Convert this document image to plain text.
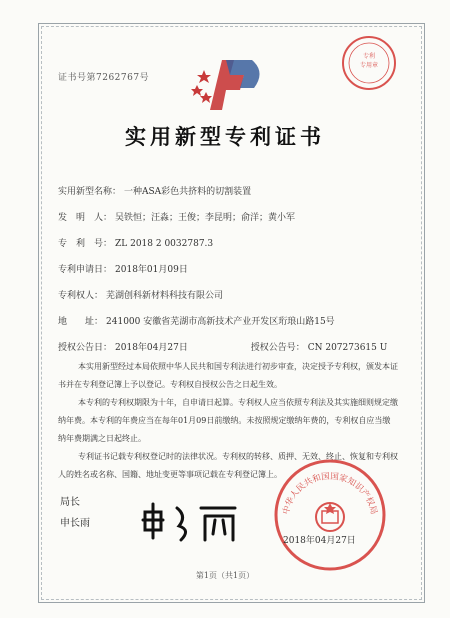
证书号第7262767号
专利
专用章
实用新型专利证书
实用新型名称： 一种ASA彩色共挤料的切割装置
发　明　人： 吴铁恒；汪淼；王俊；李昆明；俞洋；黄小军
专　利　号： ZL 2018 2 0032787.3
专利申请日： 2018年01月09日
专利权人： 芜湖创科新材料科技有限公司
地　　址： 241000 安徽省芜湖市高新技术产业开发区珩琅山路15号
授权公告日： 2018年04月27日	授权公告号： CN 207273615 U

本实用新型经过本局依照中华人民共和国专利法进行初步审查，决定授予专利权，颁发本证书并在专利登记簿上予以登记。专利权自授权公告之日起生效。

本专利的专利权期限为十年，自申请日起算。专利权人应当依照专利法及其实施细则规定缴纳年费。本专利的年费应当在每年01月09日前缴纳。未按照规定缴纳年费的，专利权自应当缴纳年费期满之日起终止。

专利证书记载专利权登记时的法律状况。专利权的转移、质押、无效、终止、恢复和专利权人的姓名或名称、国籍、地址变更等事项记载在专利登记簿上。

局长
申长雨
中华人民共和国国家知识产权局
2018年04月27日
第1页（共1页）
